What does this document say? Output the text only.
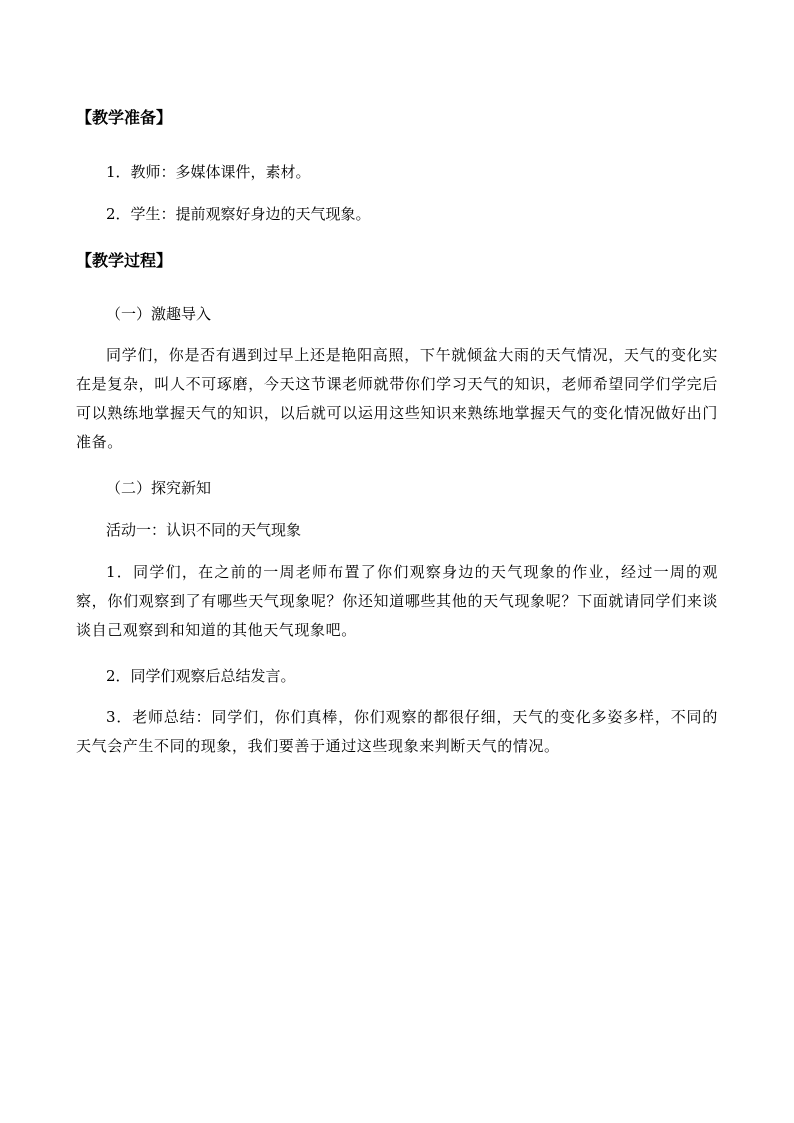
【教学准备】
1．教师：多媒体课件，素材。
2．学生：提前观察好身边的天气现象。
【教学过程】
（一）激趣导入
同学们，你是否有遇到过早上还是艳阳高照，下午就倾盆大雨的天气情况，天气的变化实在是复杂，叫人不可琢磨，今天这节课老师就带你们学习天气的知识，老师希望同学们学完后可以熟练地掌握天气的知识，以后就可以运用这些知识来熟练地掌握天气的变化情况做好出门准备。
（二）探究新知
活动一：认识不同的天气现象
1．同学们，在之前的一周老师布置了你们观察身边的天气现象的作业，经过一周的观察，你们观察到了有哪些天气现象呢？你还知道哪些其他的天气现象呢？下面就请同学们来谈谈自己观察到和知道的其他天气现象吧。
2．同学们观察后总结发言。
3．老师总结：同学们，你们真棒，你们观察的都很仔细，天气的变化多姿多样，不同的天气会产生不同的现象，我们要善于通过这些现象来判断天气的情况。
